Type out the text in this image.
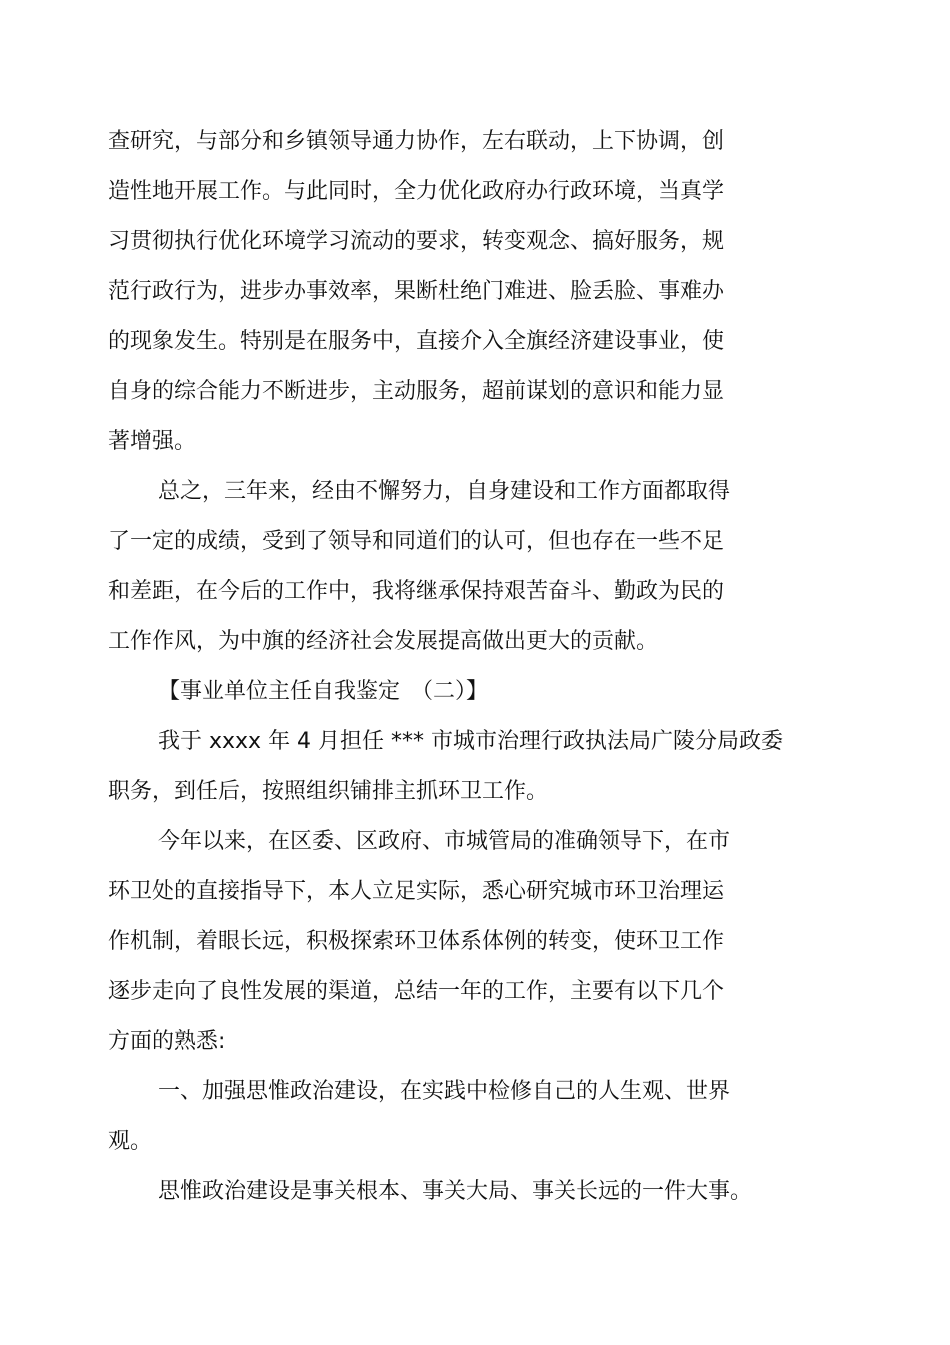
查研究，与部分和乡镇领导通力协作，左右联动，上下协调，创
造性地开展工作。与此同时，全力优化政府办行政环境，当真学
习贯彻执行优化环境学习流动的要求，转变观念、搞好服务，规
范行政行为，进步办事效率，果断杜绝门难进、脸丢脸、事难办
的现象发生。特别是在服务中，直接介入全旗经济建设事业，使
自身的综合能力不断进步，主动服务，超前谋划的意识和能力显
著增强。
总之，三年来，经由不懈努力，自身建设和工作方面都取得
了一定的成绩，受到了领导和同道们的认可，但也存在一些不足
和差距，在今后的工作中，我将继承保持艰苦奋斗、勤政为民的
工作作风，为中旗的经济社会发展提高做出更大的贡献。
【事业单位主任自我鉴定　（二）】
我于 xxxx 年 4 月担任 *** 市城市治理行政执法局广陵分局政委
职务，到任后，按照组织铺排主抓环卫工作。
今年以来，在区委、区政府、市城管局的准确领导下，在市
环卫处的直接指导下，本人立足实际，悉心研究城市环卫治理运
作机制，着眼长远，积极探索环卫体系体例的转变，使环卫工作
逐步走向了良性发展的渠道，总结一年的工作，主要有以下几个
方面的熟悉:
一、加强思惟政治建设，在实践中检修自己的人生观、世界
观。
思惟政治建设是事关根本、事关大局、事关长远的一件大事。
